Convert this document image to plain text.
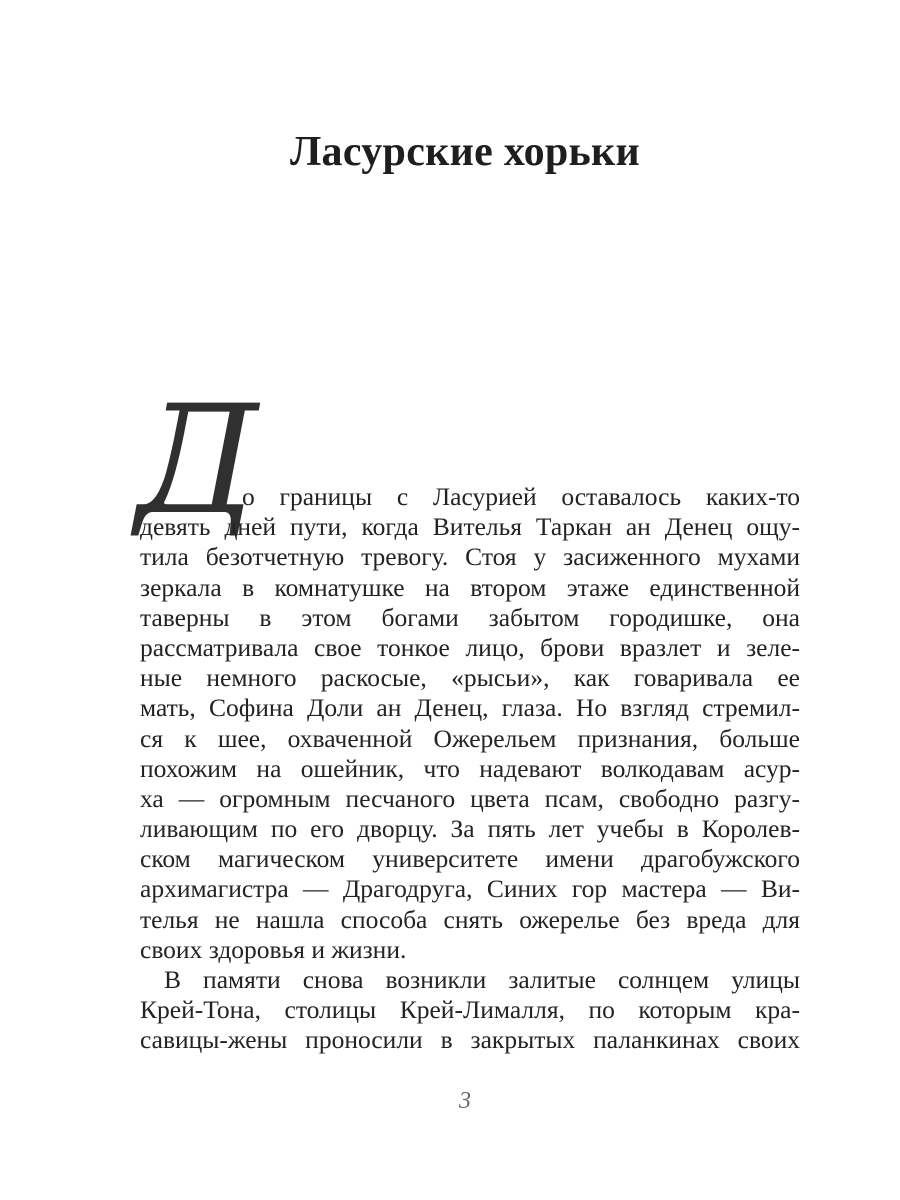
Ласурские хорьки
Д
о границы с Ласурией оставалось каких-то
девять дней пути, когда Вителья Таркан ан Денец ощу-
тила безотчетную тревогу. Стоя у засиженного мухами
зеркала в комнатушке на втором этаже единственной
таверны в этом богами забытом городишке, она
рассматривала свое тонкое лицо, брови вразлет и зеле-
ные немного раскосые, «рысьи», как говаривала ее
мать, Софина Доли ан Денец, глаза. Но взгляд стремил-
ся к шее, охваченной Ожерельем признания, больше
похожим на ошейник, что надевают волкодавам асур-
ха — огромным песчаного цвета псам, свободно разгу-
ливающим по его дворцу. За пять лет учебы в Королев-
ском магическом университете имени драгобужского
архимагистра — Драгодруга, Синих гор мастера — Ви-
телья не нашла способа снять ожерелье без вреда для
своих здоровья и жизни.
В памяти снова возникли залитые солнцем улицы
Крей-Тона, столицы Крей-Лималля, по которым кра-
савицы-жены проносили в закрытых паланкинах своих
3
